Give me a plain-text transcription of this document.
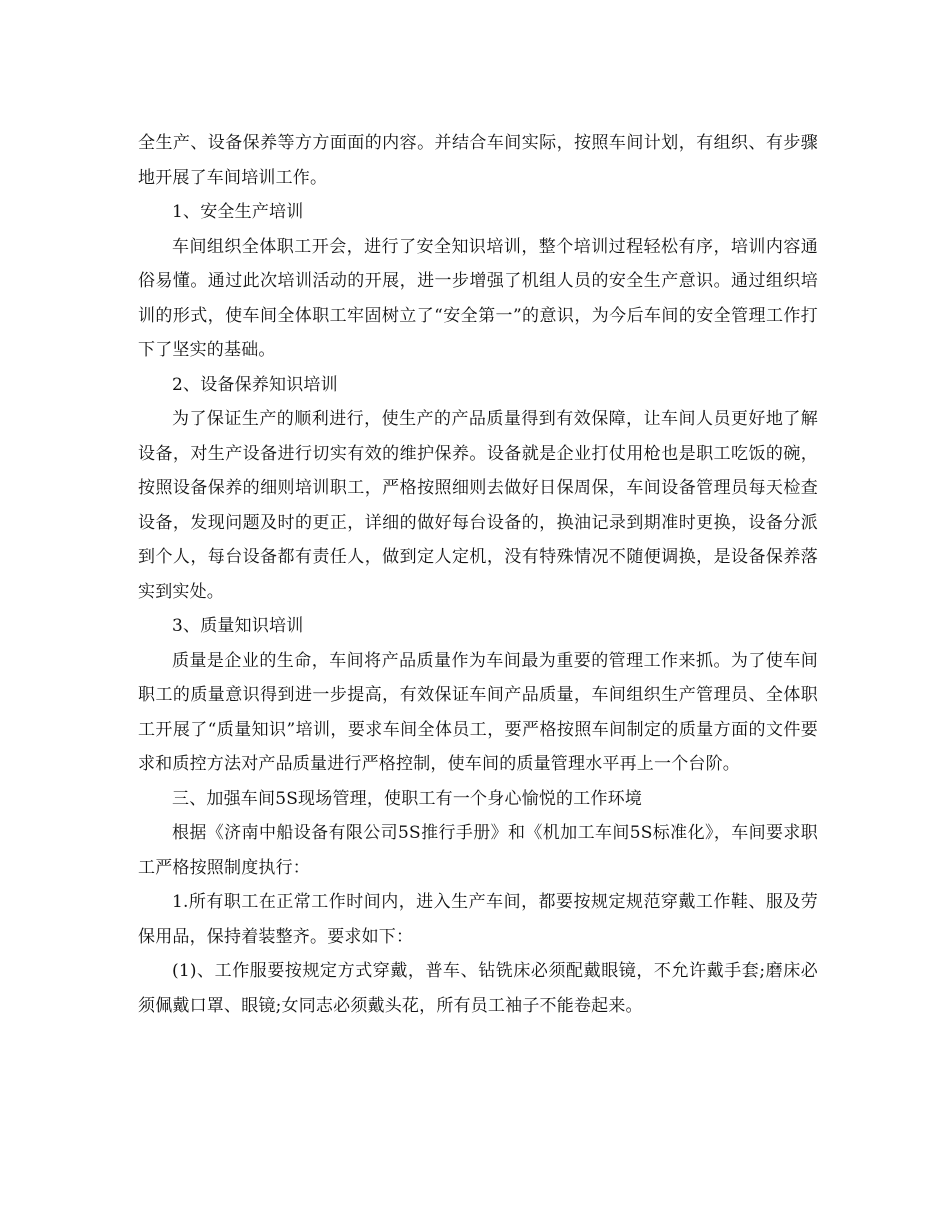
全生产、设备保养等方方面面的内容。并结合车间实际，按照车间计划，有组织、有步骤地开展了车间培训工作。

1、安全生产培训

车间组织全体职工开会，进行了安全知识培训，整个培训过程轻松有序，培训内容通俗易懂。通过此次培训活动的开展，进一步增强了机组人员的安全生产意识。通过组织培训的形式，使车间全体职工牢固树立了“安全第一”的意识，为今后车间的安全管理工作打下了坚实的基础。

2、设备保养知识培训

为了保证生产的顺利进行，使生产的产品质量得到有效保障，让车间人员更好地了解设备，对生产设备进行切实有效的维护保养。设备就是企业打仗用枪也是职工吃饭的碗，按照设备保养的细则培训职工，严格按照细则去做好日保周保，车间设备管理员每天检查设备，发现问题及时的更正，详细的做好每台设备的，换油记录到期准时更换，设备分派到个人，每台设备都有责任人，做到定人定机，没有特殊情况不随便调换，是设备保养落实到实处。

3、质量知识培训

质量是企业的生命，车间将产品质量作为车间最为重要的管理工作来抓。为了使车间职工的质量意识得到进一步提高，有效保证车间产品质量，车间组织生产管理员、全体职工开展了“质量知识”培训，要求车间全体员工，要严格按照车间制定的质量方面的文件要求和质控方法对产品质量进行严格控制，使车间的质量管理水平再上一个台阶。

三、加强车间5S现场管理，使职工有一个身心愉悦的工作环境

根据《济南中船设备有限公司5S推行手册》和《机加工车间5S标准化》，车间要求职工严格按照制度执行：

1.所有职工在正常工作时间内，进入生产车间，都要按规定规范穿戴工作鞋、服及劳保用品，保持着装整齐。要求如下：

(1)、工作服要按规定方式穿戴，普车、钻铣床必须配戴眼镜，不允许戴手套;磨床必须佩戴口罩、眼镜;女同志必须戴头花，所有员工袖子不能卷起来。
